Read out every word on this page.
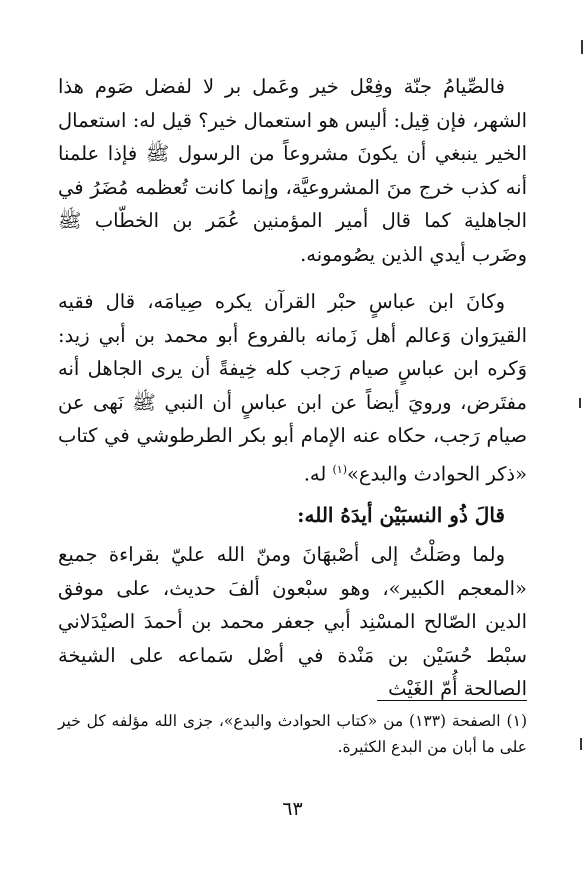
فالصِّيامُ جنّة وفِعْل خير وعَمل بر لا لفضل صَوم هذا الشهر، فإن قِيل: أليس هو استعمال خير؟ قيل له: استعمال الخير ينبغي أن يكونَ مشروعاً من الرسول ﷺ فإذا علمنا أنه كذب خرج منَ المشروعيَّة، وإنما كانت تُعظمه مُضَرُ في الجاهلية كما قال أمير المؤمنين عُمَر بن الخطّاب ﷺ وضَرب أيدي الذين يصُومونه.

وكانَ ابن عباسٍ حبْر القرآن يكره صِيامَه، قال فقيه القيرَوان وَعالم أهل زَمانه بالفروع أبو محمد بن أبي زيد: وَكره ابن عباسٍ صيام رَجب كله خِيفةً أن يرى الجاهل أنه مفتَرض، ورويَ أيضاً عن ابن عباسٍ أن النبي ﷺ نَهى عن صيام رَجب، حكاه عنه الإمام أبو بكر الطرطوشي في كتاب «ذكر الحوادث والبدع»$^{(١)}$ له.

قالَ ذُو النسبَيْن أيدَهُ الله:

ولما وصَلْتُ إلى أصْبهَانَ ومنّ الله عليّ بقراءة جميع «المعجم الكبير»، وهو سبْعون ألفَ حديث، على موفق الدين الصّالح المسْنِد أبي جعفر محمد بن أحمدَ الصيْدَلاني سبْط حُسَيْن بن مَنْدة في أصْل سَماعه على الشيخة الصالحة أُمّ الغَيْث

(١)الصفحة (١٣٣) من «كتاب الحوادث والبدع»، جزى الله مؤلفه كل خير على ما أبان من البدع الكثيرة.
٦٣
